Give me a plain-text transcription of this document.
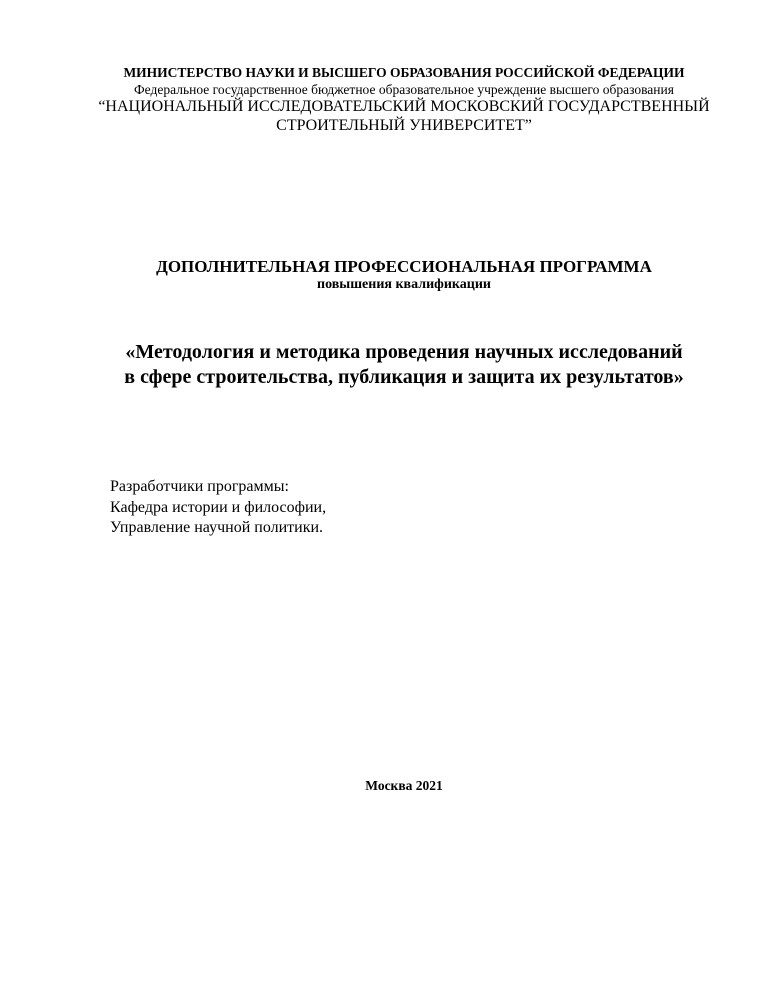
МИНИСТЕРСТВО НАУКИ И ВЫСШЕГО ОБРАЗОВАНИЯ РОССИЙСКОЙ ФЕДЕРАЦИИ
Федеральное государственное бюджетное образовательное учреждение высшего образования
“НАЦИОНАЛЬНЫЙ ИССЛЕДОВАТЕЛЬСКИЙ МОСКОВСКИЙ ГОСУДАРСТВЕННЫЙ
СТРОИТЕЛЬНЫЙ УНИВЕРСИТЕТ”
ДОПОЛНИТЕЛЬНАЯ ПРОФЕССИОНАЛЬНАЯ ПРОГРАММА
повышения квалификации
«Методология и методика проведения научных исследований
в сфере строительства, публикация и защита их результатов»
Разработчики программы:
Кафедра истории и философии,
Управление научной политики.
Москва 2021
